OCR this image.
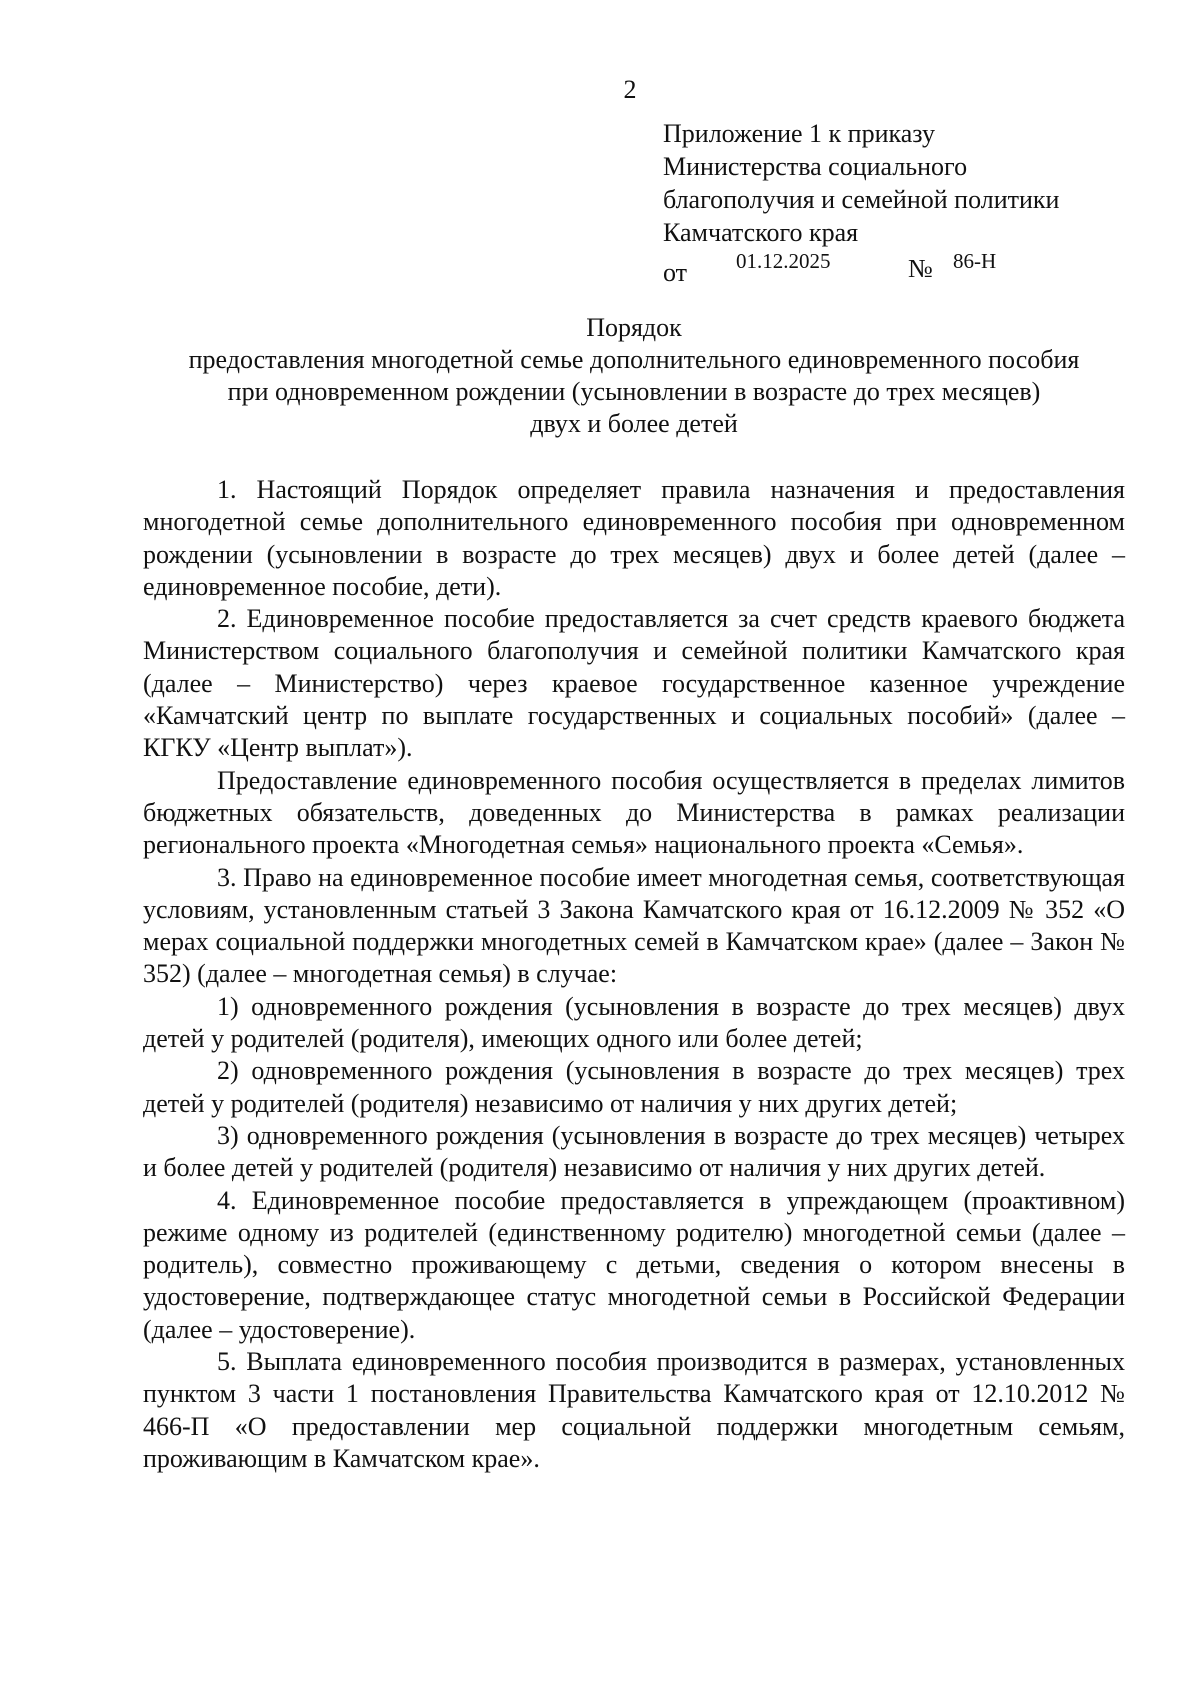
2
Приложение 1 к приказу
Министерства социального
благополучия и семейной политики
Камчатского края
от 01.12.2025	№ 86-Н
Порядок
предоставления многодетной семье дополнительного единовременного пособия
при одновременном рождении (усыновлении в возрасте до трех месяцев)
двух и более детей

1. Настоящий Порядок определяет правила назначения и предоставления многодетной семье дополнительного единовременного пособия при одновременном рождении (усыновлении в возрасте до трех месяцев) двух и более детей (далее – единовременное пособие, дети).

2. Единовременное пособие предоставляется за счет средств краевого бюджета Министерством социального благополучия и семейной политики Камчатского края (далее – Министерство) через краевое государственное казенное учреждение «Камчатский центр по выплате государственных и социальных пособий» (далее – КГКУ «Центр выплат»).

Предоставление единовременного пособия осуществляется в пределах лимитов бюджетных обязательств, доведенных до Министерства в рамках реализации регионального проекта «Многодетная семья» национального проекта «Семья».

3. Право на единовременное пособие имеет многодетная семья, соответствующая условиям, установленным статьей 3 Закона Камчатского края от 16.12.2009 № 352 «О мерах социальной поддержки многодетных семей в Камчатском крае» (далее – Закон № 352) (далее – многодетная семья) в случае:

1) одновременного рождения (усыновления в возрасте до трех месяцев) двух детей у родителей (родителя), имеющих одного или более детей;

2) одновременного рождения (усыновления в возрасте до трех месяцев) трех детей у родителей (родителя) независимо от наличия у них других детей;

3) одновременного рождения (усыновления в возрасте до трех месяцев) четырех и более детей у родителей (родителя) независимо от наличия у них других детей.

4. Единовременное пособие предоставляется в упреждающем (проактивном) режиме одному из родителей (единственному родителю) многодетной семьи (далее – родитель), совместно проживающему с детьми, сведения о котором внесены в удостоверение, подтверждающее статус многодетной семьи в Российской Федерации (далее – удостоверение).

5. Выплата единовременного пособия производится в размерах, установленных пунктом 3 части 1 постановления Правительства Камчатского края от 12.10.2012 № 466-П «О предоставлении мер социальной поддержки многодетным семьям, проживающим в Камчатском крае».
